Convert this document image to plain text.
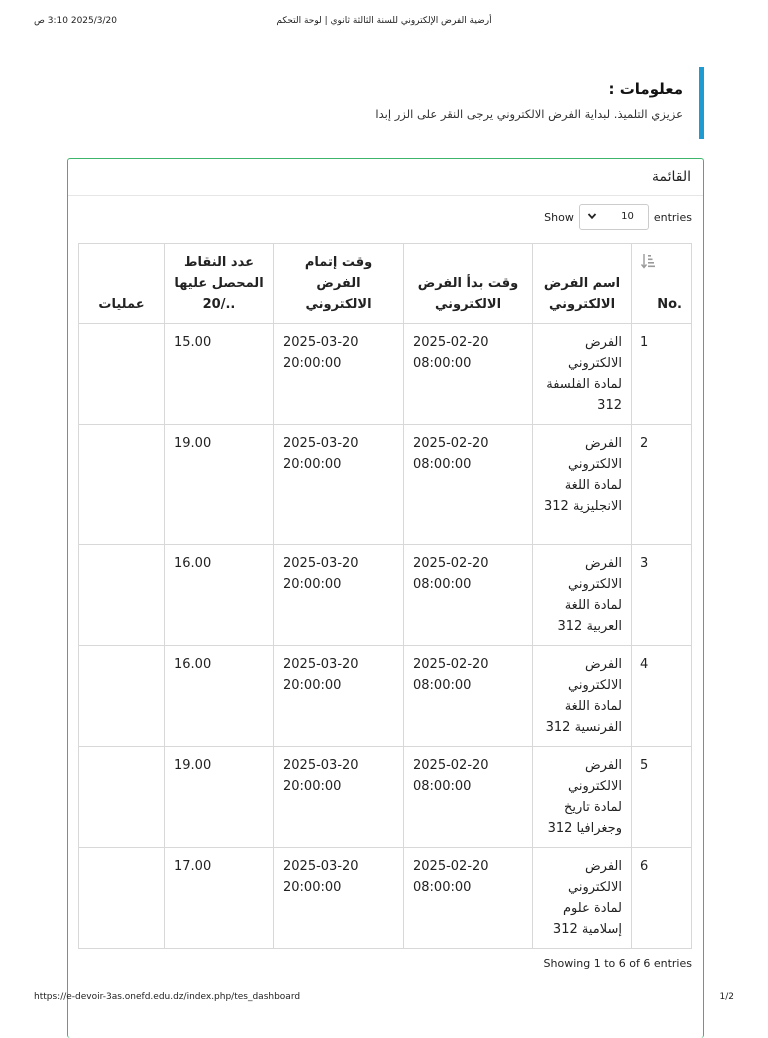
2025/3/20 3:10 ص	أرضية الفرض الإلكتروني للسنة الثالثة ثانوي | لوحة التحكم
معلومات :
عزيزي التلميذ. لبداية الفرض الالكتروني يرجى النقر على الزر إبدا
القائمة
Show	10 entries
No.	اسم الفرض الالكتروني	وقت بدأ الفرض الالكتروني	وقت إتمام الفرض الالكتروني	عدد النقاط المحصل عليها ../20	عمليات
1	الفرض الالكتروني لمادة الفلسفة 312	2025-02-20 08:00:00	2025-03-20 20:00:00	15.00	
2	الفرض الالكتروني لمادة اللغة الانجليزية 312	2025-02-20 08:00:00	2025-03-20 20:00:00	19.00	
3	الفرض الالكتروني لمادة اللغة العربية 312	2025-02-20 08:00:00	2025-03-20 20:00:00	16.00	
4	الفرض الالكتروني لمادة اللغة الفرنسية 312	2025-02-20 08:00:00	2025-03-20 20:00:00	16.00	
5	الفرض الالكتروني لمادة تاريخ وجغرافيا 312	2025-02-20 08:00:00	2025-03-20 20:00:00	19.00	
6	الفرض الالكتروني لمادة علوم إسلامية 312	2025-02-20 08:00:00	2025-03-20 20:00:00	17.00	
Showing 1 to 6 of 6 entries
https://e-devoir-3as.onefd.edu.dz/index.php/tes_dashboard	1/2
